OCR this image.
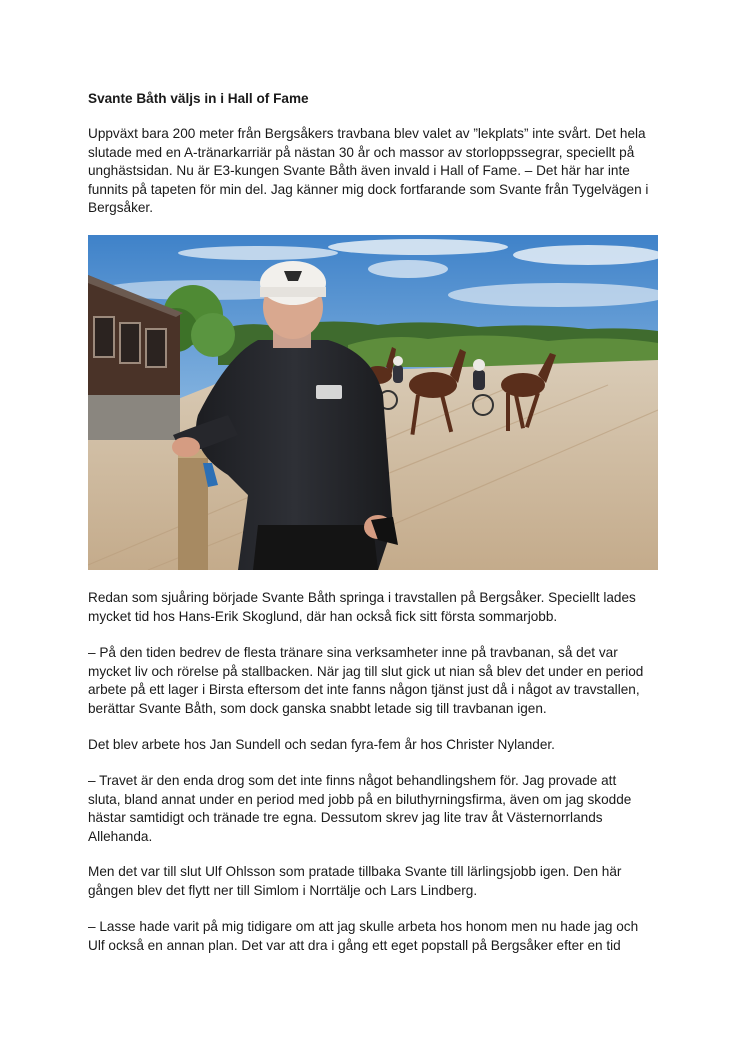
Svante Båth väljs in i Hall of Fame
Uppväxt bara 200 meter från Bergsåkers travbana blev valet av ”lekplats” inte svårt. Det hela
slutade med en A-tränarkarriär på nästan 30 år och massor av storloppssegrar, speciellt på
unghästsidan. Nu är E3-kungen Svante Båth även invald i Hall of Fame. – Det här har inte
funnits på tapeten för min del. Jag känner mig dock fortfarande som Svante från Tygelvägen i
Bergsåker.
Redan som sjuåring började Svante Båth springa i travstallen på Bergsåker. Speciellt lades
mycket tid hos Hans-Erik Skoglund, där han också fick sitt första sommarjobb.
– På den tiden bedrev de flesta tränare sina verksamheter inne på travbanan, så det var
mycket liv och rörelse på stallbacken. När jag till slut gick ut nian så blev det under en period
arbete på ett lager i Birsta eftersom det inte fanns någon tjänst just då i något av travstallen,
berättar Svante Båth, som dock ganska snabbt letade sig till travbanan igen.
Det blev arbete hos Jan Sundell och sedan fyra-fem år hos Christer Nylander.
– Travet är den enda drog som det inte finns något behandlingshem för. Jag provade att
sluta, bland annat under en period med jobb på en biluthyrningsfirma, även om jag skodde
hästar samtidigt och tränade tre egna. Dessutom skrev jag lite trav åt Västernorrlands
Allehanda.
Men det var till slut Ulf Ohlsson som pratade tillbaka Svante till lärlingsjobb igen. Den här
gången blev det flytt ner till Simlom i Norrtälje och Lars Lindberg.
– Lasse hade varit på mig tidigare om att jag skulle arbeta hos honom men nu hade jag och
Ulf också en annan plan. Det var att dra i gång ett eget popstall på Bergsåker efter en tid
